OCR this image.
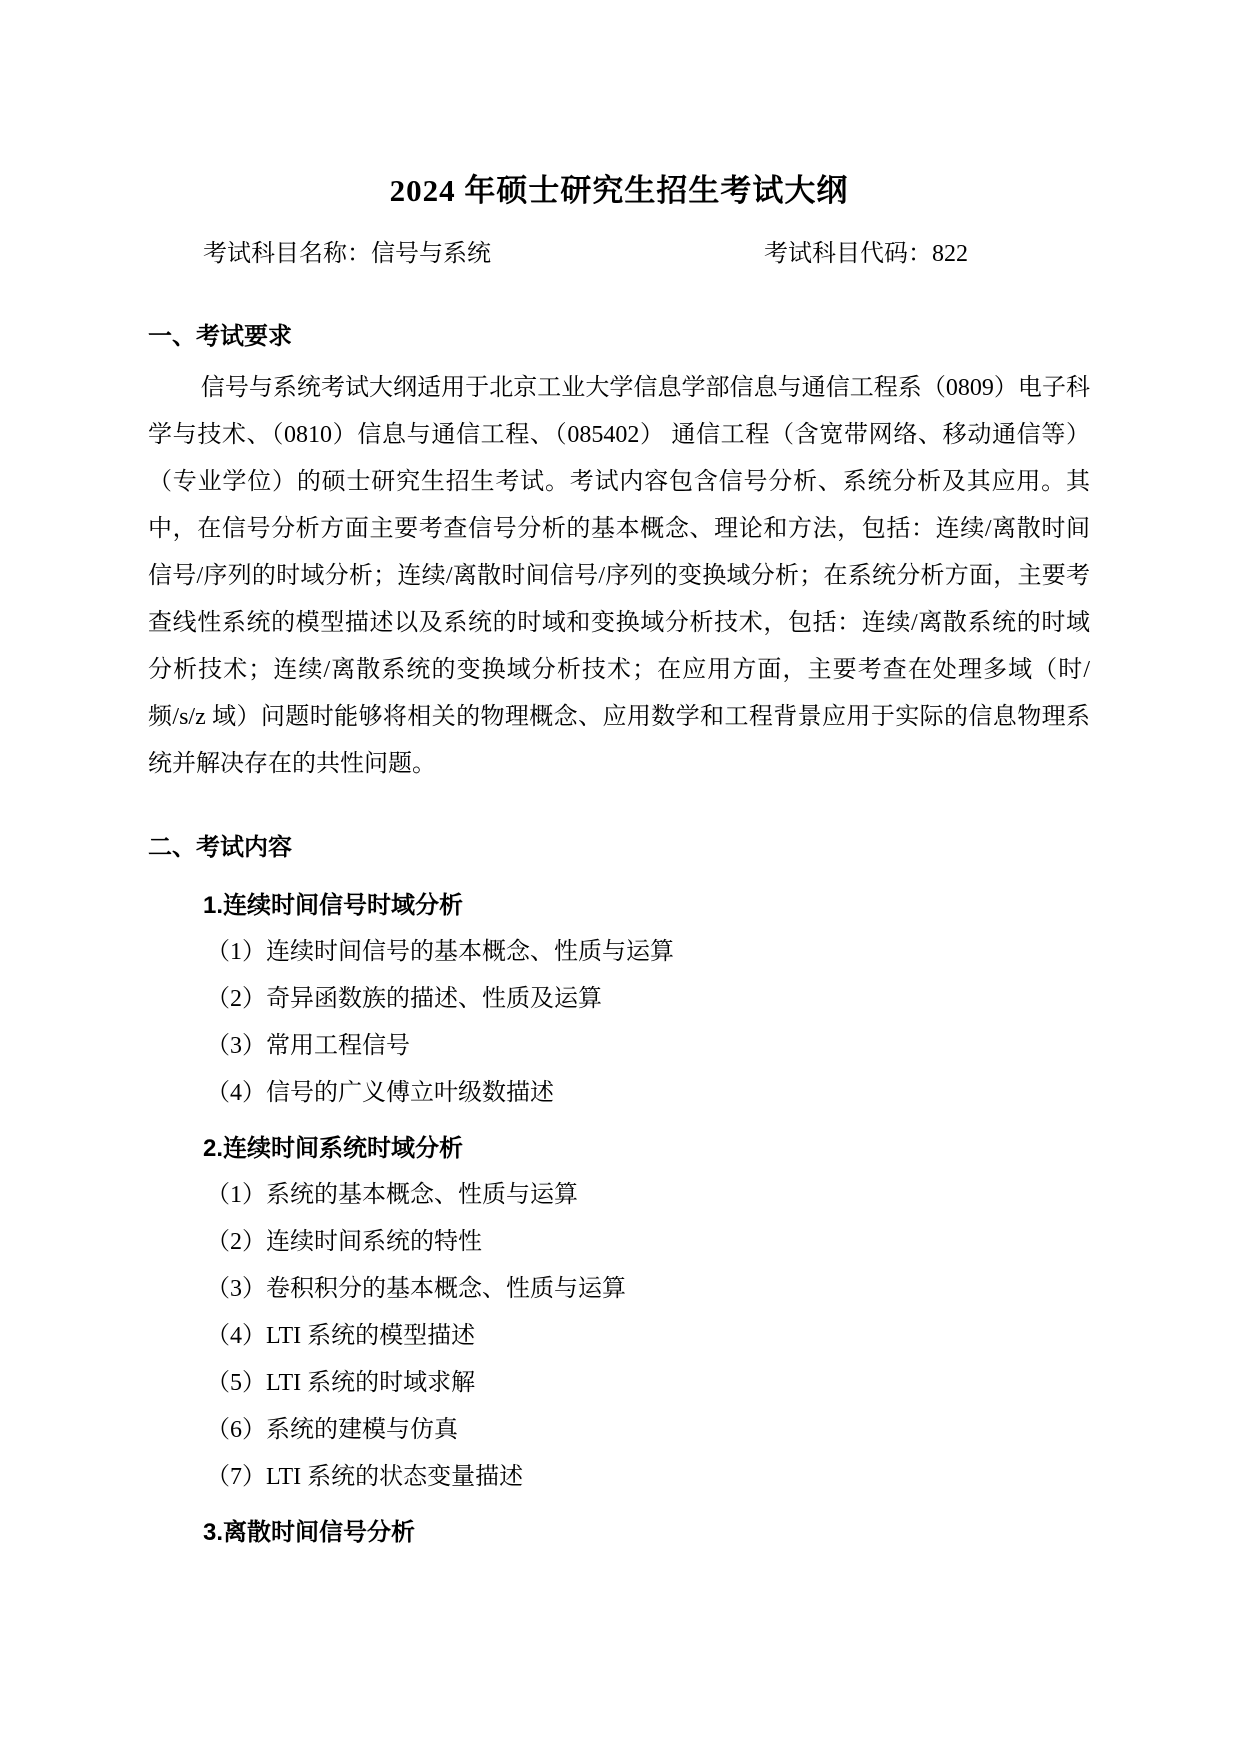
2024 年硕士研究生招生考试大纲
考试科目名称：信号与系统	考试科目代码：822
一、考试要求

信号与系统考试大纲适用于北京工业大学信息学部信息与通信工程系（0809）电子科学与技术、（0810）信息与通信工程、（085402） 通信工程（含宽带网络、移动通信等）（专业学位）的硕士研究生招生考试。考试内容包含信号分析、系统分析及其应用。其中，在信号分析方面主要考查信号分析的基本概念、理论和方法，包括：连续/离散时间信号/序列的时域分析；连续/离散时间信号/序列的变换域分析；在系统分析方面，主要考查线性系统的模型描述以及系统的时域和变换域分析技术，包括：连续/离散系统的时域分析技术；连续/离散系统的变换域分析技术；在应用方面，主要考查在处理多域（时/频/s/z 域）问题时能够将相关的物理概念、应用数学和工程背景应用于实际的信息物理系统并解决存在的共性问题。

二、考试内容
1.连续时间信号时域分析
（1）连续时间信号的基本概念、性质与运算
（2）奇异函数族的描述、性质及运算
（3）常用工程信号
（4）信号的广义傅立叶级数描述
2.连续时间系统时域分析
（1）系统的基本概念、性质与运算
（2）连续时间系统的特性
（3）卷积积分的基本概念、性质与运算
（4）LTI 系统的模型描述
（5）LTI 系统的时域求解
（6）系统的建模与仿真
（7）LTI 系统的状态变量描述
3.离散时间信号分析
